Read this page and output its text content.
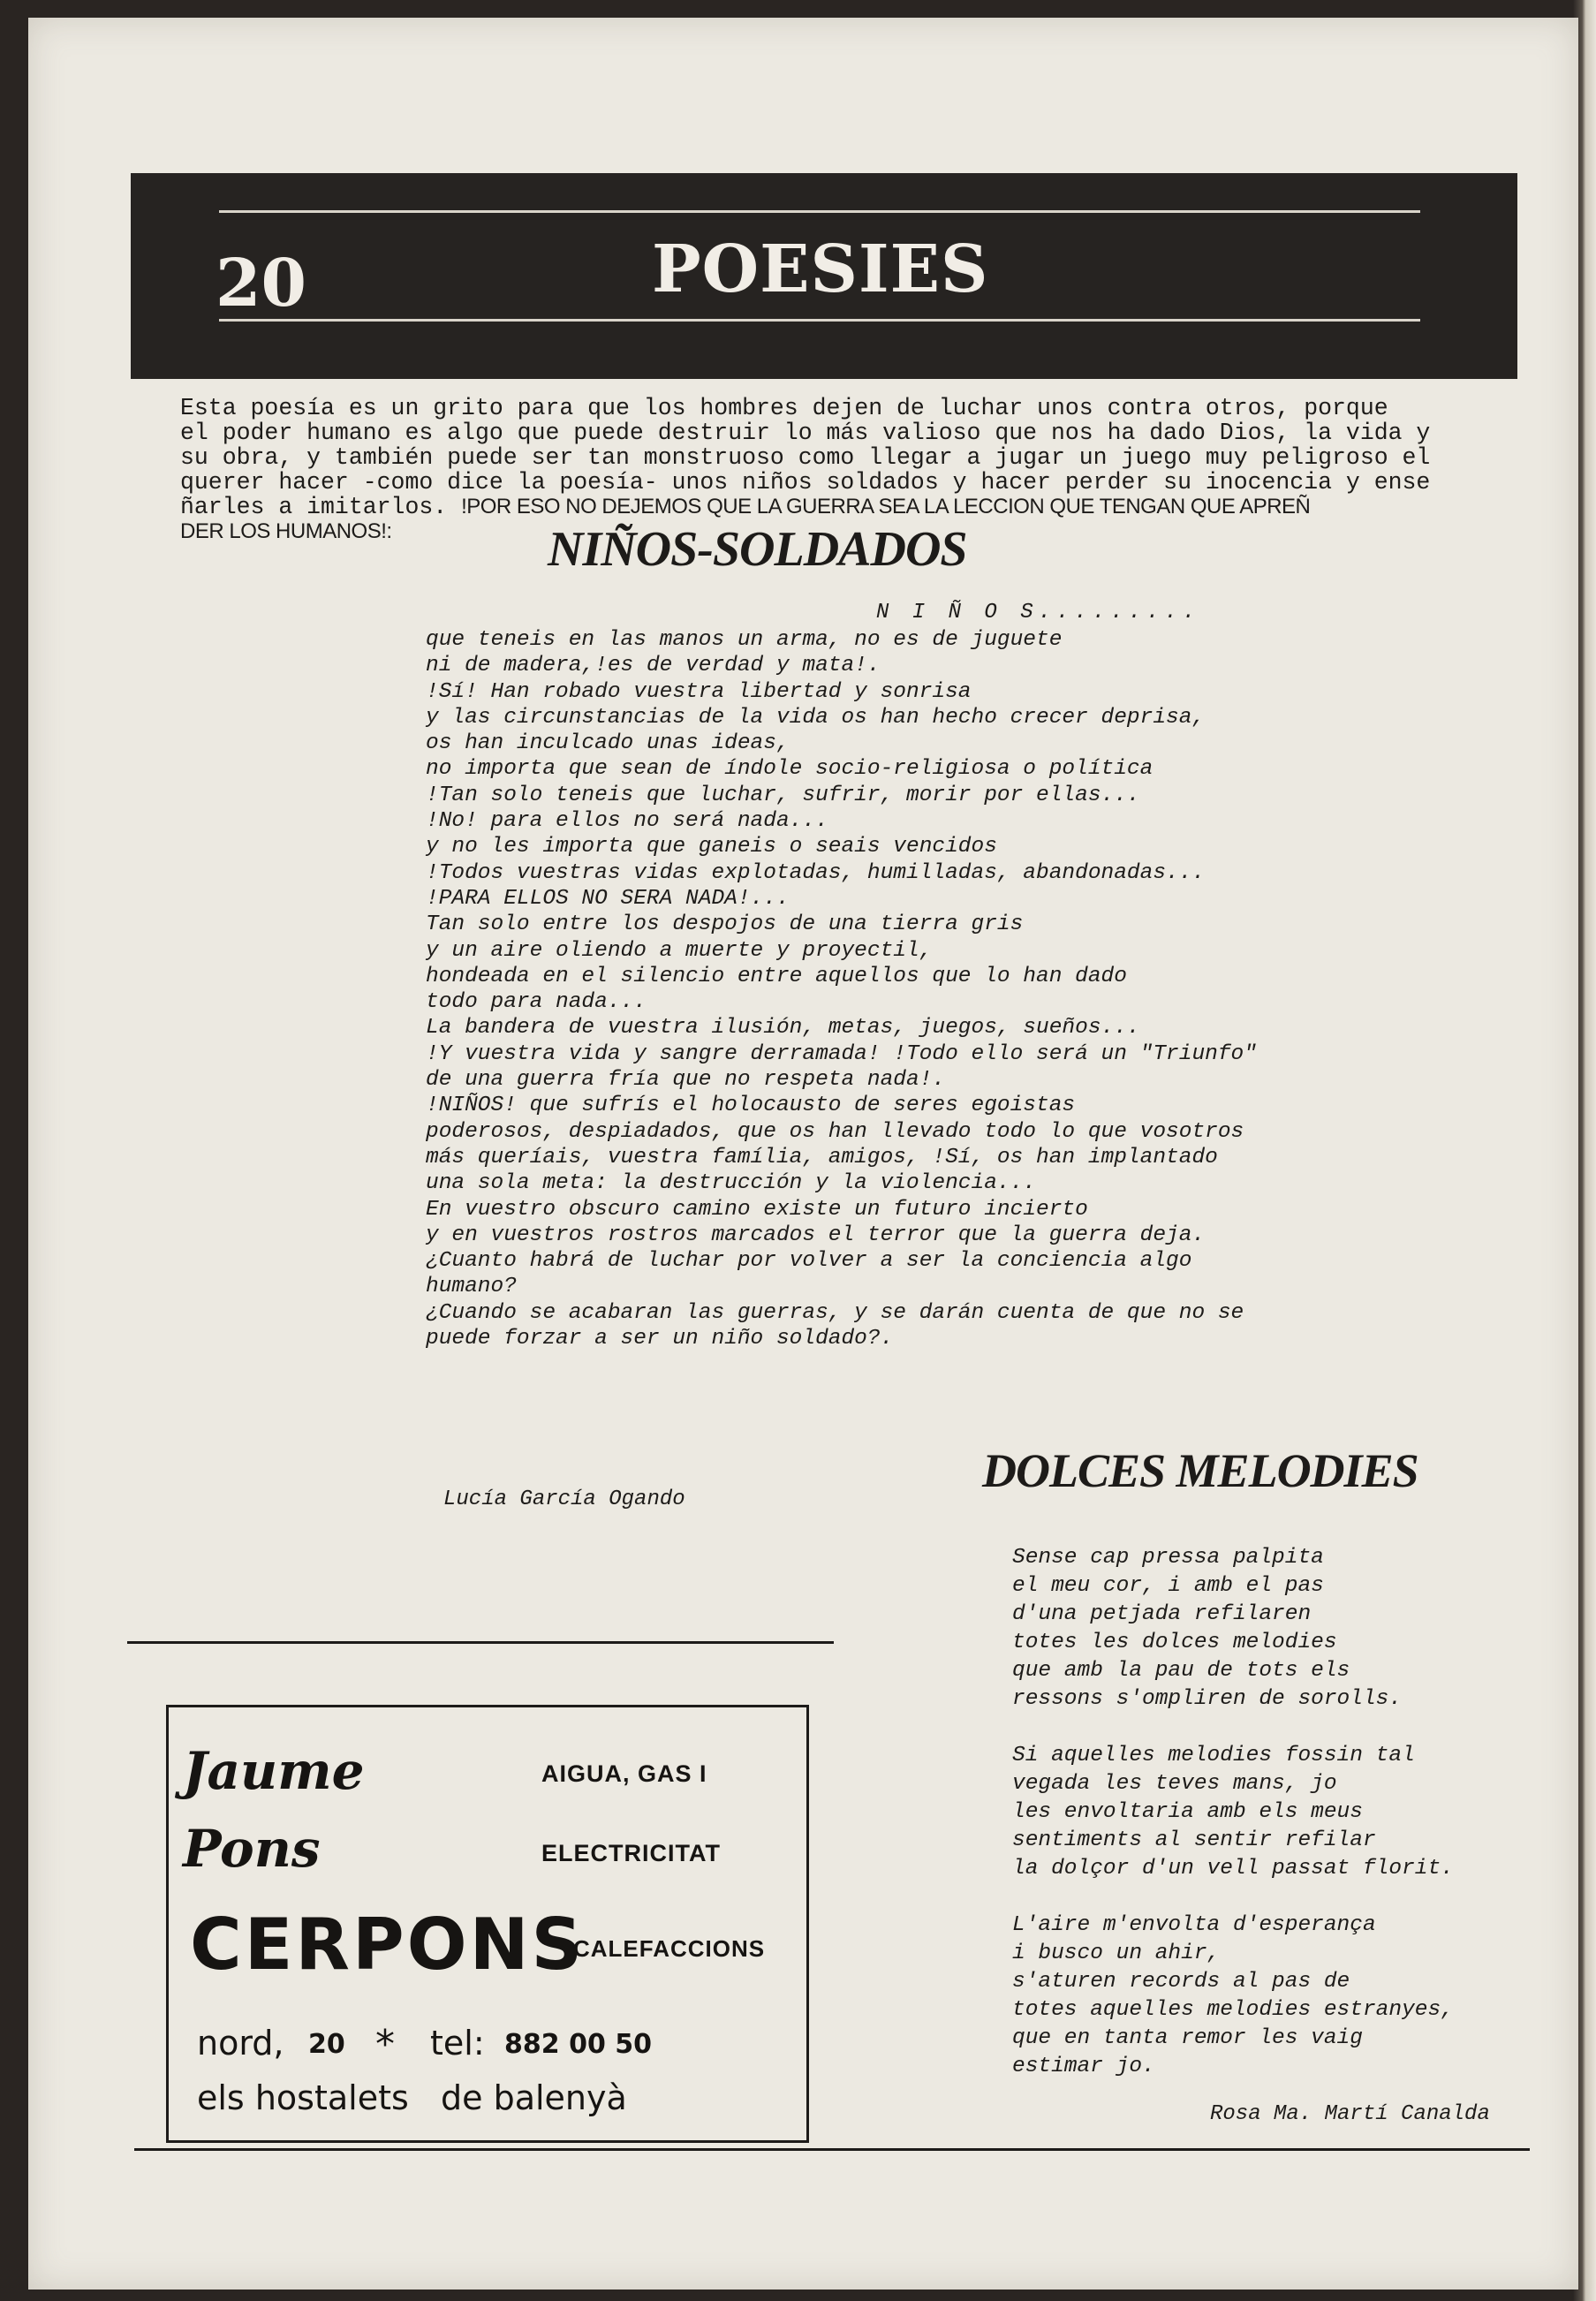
20	POESIES
Esta poesía es un grito para que los hombres dejen de luchar unos contra otros, porque
el poder humano es algo que puede destruir lo más valioso que nos ha dado Dios, la vida y
su obra, y también puede ser tan monstruoso como llegar a jugar un juego muy peligroso el
querer hacer -como dice la poesía- unos niños soldados y hacer perder su inocencia y ense
ñarles a imitarlos. !POR ESO NO DEJEMOS QUE LA GUERRA SEA LA LECCION QUE TENGAN QUE APREÑ
DER LOS HUMANOS!:	NIÑOS-SOLDADOS
N I Ñ O S.........
que teneis en las manos un arma, no es de juguete
ni de madera,!es de verdad y mata!.
!Sí! Han robado vuestra libertad y sonrisa
y las circunstancias de la vida os han hecho crecer deprisa,
os han inculcado unas ideas,
no importa que sean de índole socio-religiosa o política
!Tan solo teneis que luchar, sufrir, morir por ellas...
!No! para ellos no será nada...
y no les importa que ganeis o seais vencidos
!Todos vuestras vidas explotadas, humilladas, abandonadas...
!PARA ELLOS NO SERA NADA!...
Tan solo entre los despojos de una tierra gris
y un aire oliendo a muerte y proyectil,
hondeada en el silencio entre aquellos que lo han dado
todo para nada...
La bandera de vuestra ilusión, metas, juegos, sueños...
!Y vuestra vida y sangre derramada! !Todo ello será un "Triunfo"
de una guerra fría que no respeta nada!.
!NIÑOS! que sufrís el holocausto de seres egoistas
poderosos, despiadados, que os han llevado todo lo que vosotros
más queríais, vuestra família, amigos, !Sí, os han implantado
una sola meta: la destrucción y la violencia...
En vuestro obscuro camino existe un futuro incierto
y en vuestros rostros marcados el terror que la guerra deja.
¿Cuanto habrá de luchar por volver a ser la conciencia algo
humano?
¿Cuando se acabaran las guerras, y se darán cuenta de que no se
puede forzar a ser un niño soldado?.
Lucía García Ogando
DOLCES MELODIES
Sense cap pressa palpita
el meu cor, i amb el pas
d'una petjada refilaren
totes les dolces melodies
que amb la pau de tots els
ressons s'ompliren de sorolls.

Si aquelles melodies fossin tal
vegada les teves mans, jo
les envoltaria amb els meus
sentiments al sentir refilar
la dolçor d'un vell passat florit.

L'aire m'envolta d'esperança
i busco un ahir,
s'aturen records al pas de
totes aquelles melodies estranyes,
que en tanta remor les vaig
estimar jo.
Rosa Ma. Martí Canalda
Jaume
Pons
AIGUA, GAS I
ELECTRICITAT
CERPONS
CALEFACCIONS
nord, 20 * tel: 882 00 50
els hostalets   de balenyà
